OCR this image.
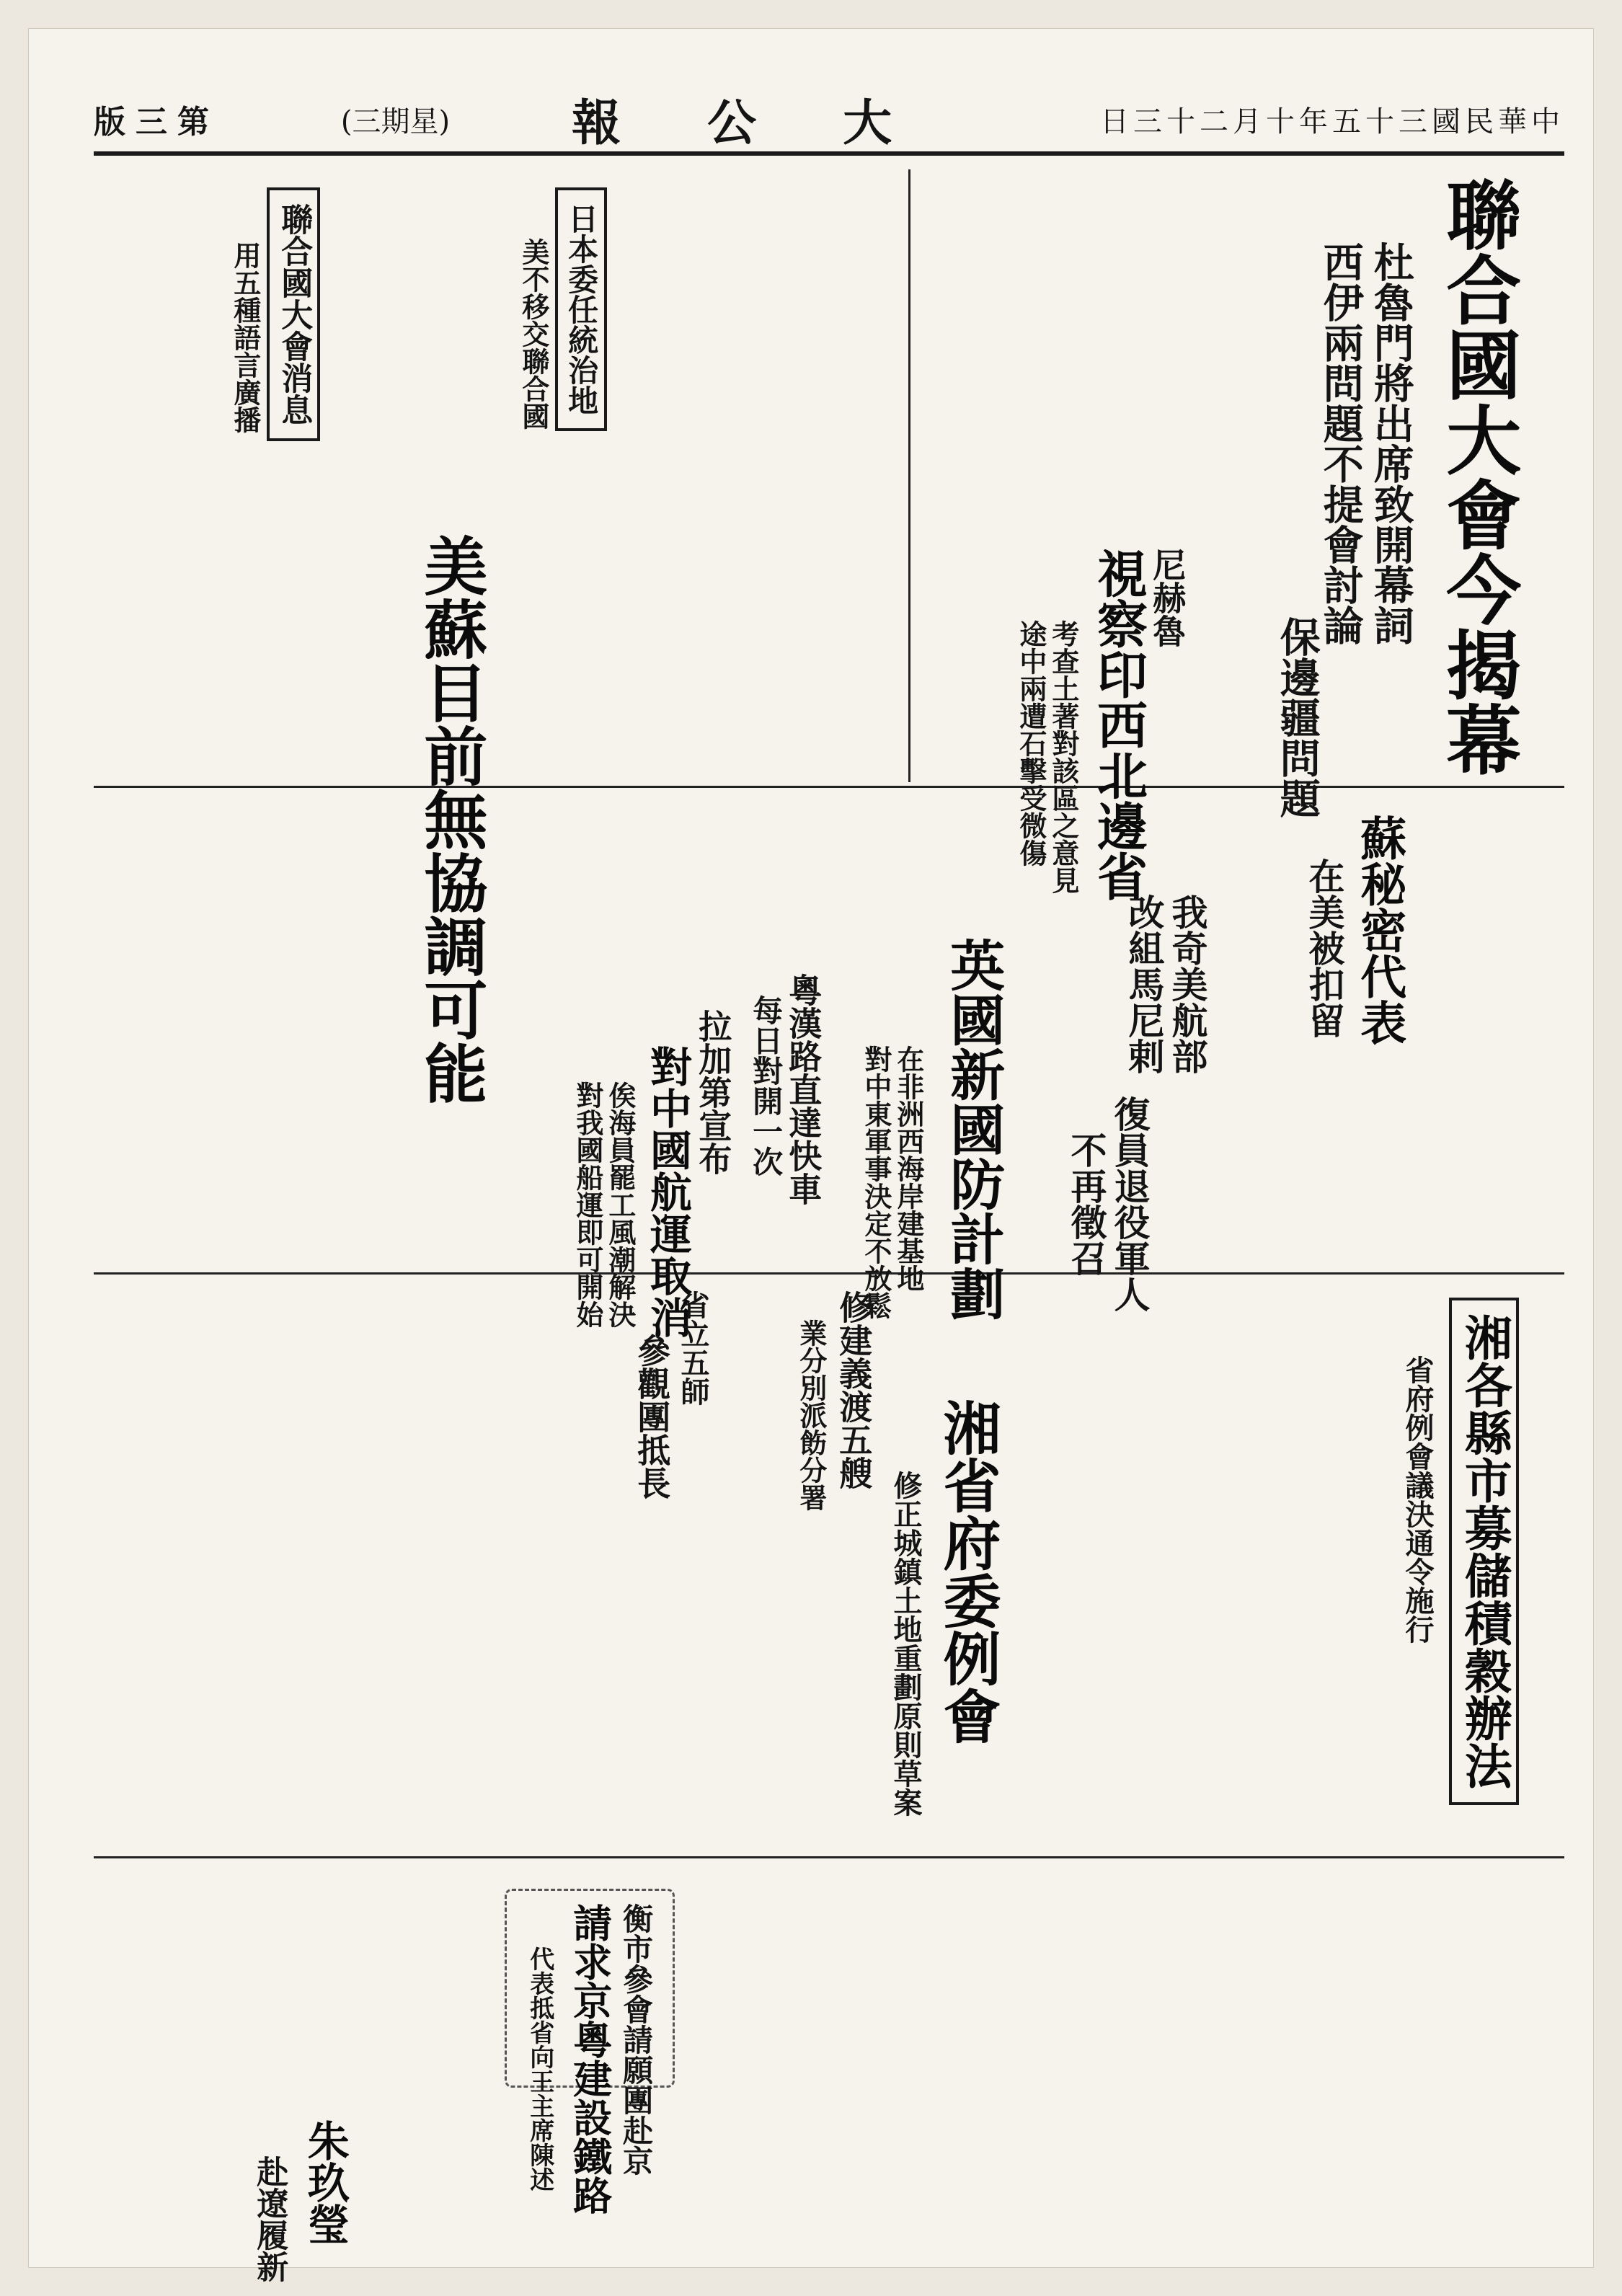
版三第	(三期星) 報公大	日三十二月十年五十三國民華中
聯合國大會今揭幕
杜魯門將出席致開幕詞
西伊兩問題不提會討論
聯合國大會消息
用五種語言廣播	日本委任統治地
美不移交聯合國
美蘇目前無協調可能	保邊疆問題
蘇秘密代表
在美被扣留
尼赫魯
視察印西北邊省
考查土著對該區之意見
途中兩遭石擊受微傷
粵漢路直達快車
每日對開一次
拉加第宣布
對中國航運取消
俟海員罷工風潮解決
對我國船運即可開始	英國新國防計劃
在非洲西海岸建基地
對中東軍事決定不放鬆
我奇美航部
改組馬尼剌
復員退役軍人
不再徵召
湘各縣市募儲積穀辦法
省府例會議決通令施行
湘省府委例會
修正城鎮土地重劃原則草案
修建義渡五艘
業分別派飭分署
參觀團抵長 省立五師
衡市參會請願團赴京
請求京粵建設鐵路
代表抵省向王主席陳述
朱玖瑩
赴遼履新
